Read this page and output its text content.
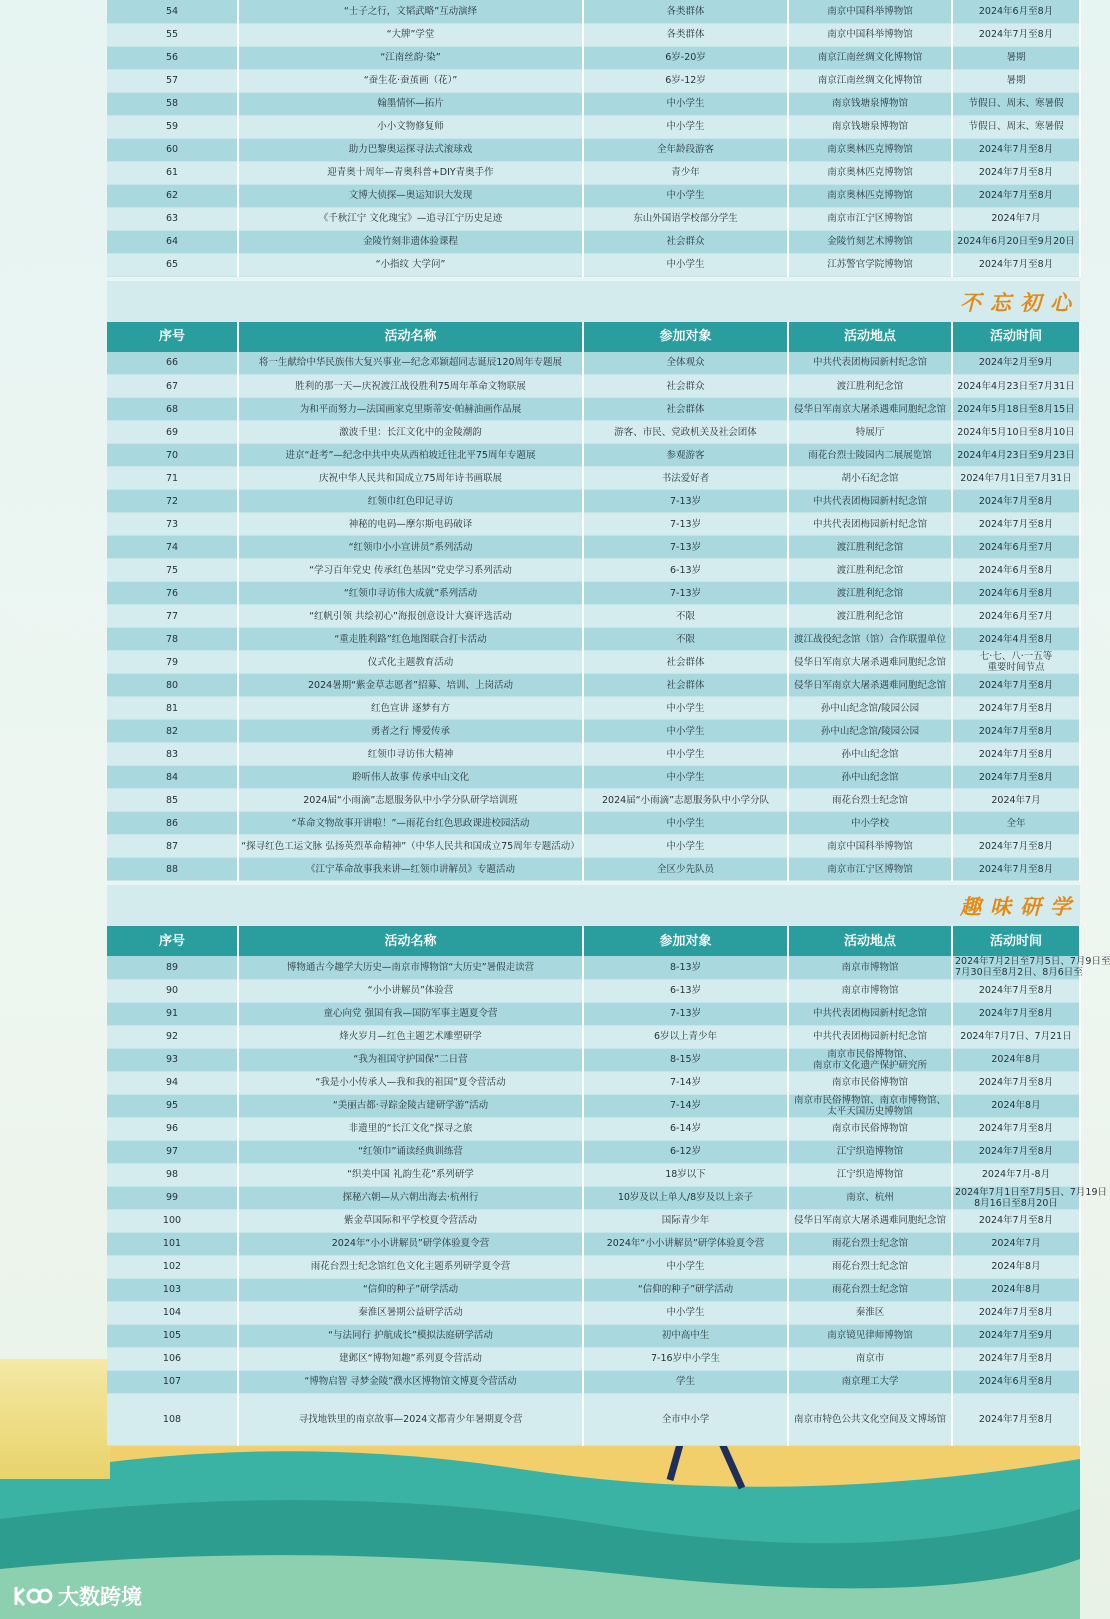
54	“士子之行，文韬武略”互动演绎	各类群体	南京中国科举博物馆	2024年6月至8月
55	“大牌”学堂	各类群体	南京中国科举博物馆	2024年7月至8月
56	“江南丝韵·染”	6岁-20岁	南京江南丝绸文化博物馆	暑期
57	“蚕生花·蚕茧画（花）”	6岁-12岁	南京江南丝绸文化博物馆	暑期
58	翰墨情怀—拓片	中小学生	南京钱塘泉博物馆	节假日、周末、寒暑假
59	小小文物修复师	中小学生	南京钱塘泉博物馆	节假日、周末、寒暑假
60	助力巴黎奥运探寻法式滚球戏	全年龄段游客	南京奥林匹克博物馆	2024年7月至8月
61	迎青奥十周年—青奥科普+DIY青奥手作	青少年	南京奥林匹克博物馆	2024年7月至8月
62	文博大侦探—奥运知识大发现	中小学生	南京奥林匹克博物馆	2024年7月至8月
63	《千秋江宁 文化瑰宝》—追寻江宁历史足迹	东山外国语学校部分学生	南京市江宁区博物馆	2024年7月
64	金陵竹刻非遗体验课程	社会群众	金陵竹刻艺术博物馆	2024年6月20日至9月20日
65	“小指纹 大学问”	中小学生	江苏警官学院博物馆	2024年7月至8月
不忘初心
序号	活动名称	参加对象	活动地点	活动时间
66	将一生献给中华民族伟大复兴事业—纪念邓颖超同志诞辰120周年专题展	全体观众	中共代表团梅园新村纪念馆	2024年2月至9月
67	胜利的那一天—庆祝渡江战役胜利75周年革命文物联展	社会群众	渡江胜利纪念馆	2024年4月23日至7月31日
68	为和平而努力—法国画家克里斯蒂安·帕赫油画作品展	社会群体	侵华日军南京大屠杀遇难同胞纪念馆	2024年5月18日至8月15日
69	激波千里：长江文化中的金陵潮韵	游客、市民、党政机关及社会团体	特展厅	2024年5月10日至8月10日
70	进京“赶考”—纪念中共中央从西柏坡迁往北平75周年专题展	参观游客	雨花台烈士陵园内二展展览馆	2024年4月23日至9月23日
71	庆祝中华人民共和国成立75周年诗书画联展	书法爱好者	胡小石纪念馆	2024年7月1日至7月31日
72	红领巾红色印记寻访	7-13岁	中共代表团梅园新村纪念馆	2024年7月至8月
73	神秘的电码—摩尔斯电码破译	7-13岁	中共代表团梅园新村纪念馆	2024年7月至8月
74	“红领巾小小宣讲员”系列活动	7-13岁	渡江胜利纪念馆	2024年6月至7月
75	“学习百年党史 传承红色基因”党史学习系列活动	6-13岁	渡江胜利纪念馆	2024年6月至8月
76	“红领巾寻访伟大成就”系列活动	7-13岁	渡江胜利纪念馆	2024年6月至8月
77	“红帆引领 共绘初心”海报创意设计大赛评选活动	不限	渡江胜利纪念馆	2024年6月至7月
78	“重走胜利路”红色地图联合打卡活动	不限	渡江战役纪念馆（馆）合作联盟单位	2024年4月至8月
79	仪式化主题教育活动	社会群体	侵华日军南京大屠杀遇难同胞纪念馆	七·七、八·一五等
重要时间节点
80	2024暑期“紫金草志愿者”招募、培训、上岗活动	社会群体	侵华日军南京大屠杀遇难同胞纪念馆	2024年7月至8月
81	红色宣讲 逐梦有方	中小学生	孙中山纪念馆/陵园公园	2024年7月至8月
82	勇者之行 博爱传承	中小学生	孙中山纪念馆/陵园公园	2024年7月至8月
83	红领巾寻访伟大精神	中小学生	孙中山纪念馆	2024年7月至8月
84	聆听伟人故事 传承中山文化	中小学生	孙中山纪念馆	2024年7月至8月
85	2024届“小雨滴”志愿服务队中小学分队研学培训班	2024届“小雨滴”志愿服务队中小学分队	雨花台烈士纪念馆	2024年7月
86	“革命文物故事开讲啦！”—雨花台红色思政课进校园活动	中小学生	中小学校	全年
87	“探寻红色工运文脉 弘扬英烈革命精神”（中华人民共和国成立75周年专题活动）	中小学生	南京中国科举博物馆	2024年7月至8月
88	《江宁革命故事我来讲—红领巾讲解员》专题活动	全区少先队员	南京市江宁区博物馆	2024年7月至8月
趣味研学
序号	活动名称	参加对象	活动地点	活动时间
89	博物通古今趣学大历史—南京市博物馆“大历史”暑假走读营	8-13岁	南京市博物馆	2024年7月2日至7月5日、7月9日至
7月30日至8月2日、8月6日至
90	“小小讲解员”体验营	6-13岁	南京市博物馆	2024年7月至8月
91	童心向党 强国有我—国防军事主题夏令营	7-13岁	中共代表团梅园新村纪念馆	2024年7月至8月
92	烽火岁月—红色主题艺术雕塑研学	6岁以上青少年	中共代表团梅园新村纪念馆	2024年7月7日、7月21日
93	“我为祖国守护国保”二日营	8-15岁	南京市民俗博物馆、
南京市文化遗产保护研究所	2024年8月
94	“我是小小传承人—我和我的祖国”夏令营活动	7-14岁	南京市民俗博物馆	2024年7月至8月
95	“美丽古都·寻踪金陵古建研学游”活动	7-14岁	南京市民俗博物馆、南京市博物馆、
太平天国历史博物馆	2024年8月
96	非遗里的“长江文化”探寻之旅	6-14岁	南京市民俗博物馆	2024年7月至8月
97	“红领巾”诵读经典训练营	6-12岁	江宁织造博物馆	2024年7月至8月
98	“织美中国 礼韵生花”系列研学	18岁以下	江宁织造博物馆	2024年7月-8月
99	探秘六朝—从六朝出海去·杭州行	10岁及以上单人/8岁及以上亲子	南京、杭州	2024年7月1日至7月5日、7月19日
8月16日至8月20日
100	紫金草国际和平学校夏令营活动	国际青少年	侵华日军南京大屠杀遇难同胞纪念馆	2024年7月至8月
101	2024年“小小讲解员”研学体验夏令营	2024年“小小讲解员”研学体验夏令营	雨花台烈士纪念馆	2024年7月
102	雨花台烈士纪念馆红色文化主题系列研学夏令营	中小学生	雨花台烈士纪念馆	2024年8月
103	“信仰的种子”研学活动	“信仰的种子”研学活动	雨花台烈士纪念馆	2024年8月
104	秦淮区暑期公益研学活动	中小学生	秦淮区	2024年7月至8月
105	“与法同行 护航成长”模拟法庭研学活动	初中高中生	南京镜见律师博物馆	2024年7月至9月
106	建邺区“博物知趣”系列夏令营活动	7-16岁中小学生	南京市	2024年7月至8月
107	“博物启智 寻梦金陵”濮水区博物馆文博夏令营活动	学生	南京理工大学	2024年6月至8月
108	寻找地铁里的南京故事—2024文都青少年暑期夏令营	全市中小学	南京市特色公共文化空间及文博场馆	2024年7月至8月
大数跨境
